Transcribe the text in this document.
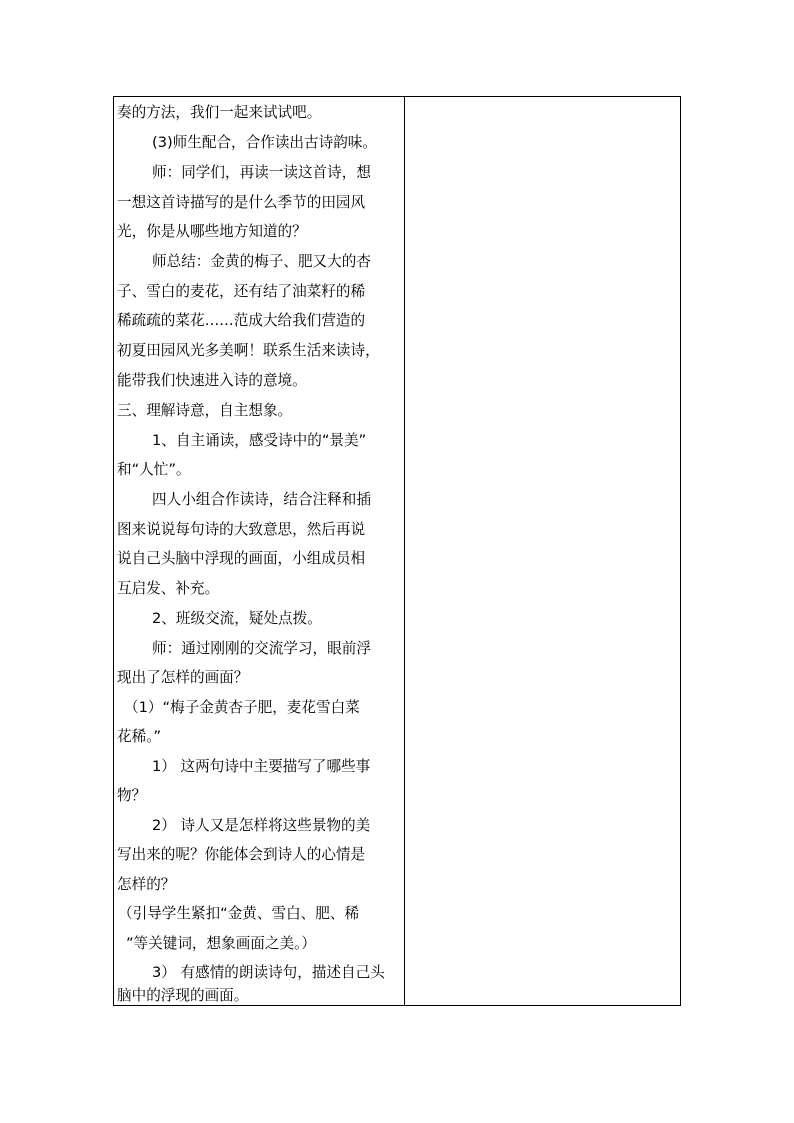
奏的方法，我们一起来试试吧。
(3)师生配合，合作读出古诗韵味。
师：同学们，再读一读这首诗，想
一想这首诗描写的是什么季节的田园风
光，你是从哪些地方知道的？
师总结：金黄的梅子、肥又大的杏
子、雪白的麦花，还有结了油菜籽的稀
稀疏疏的菜花……范成大给我们营造的
初夏田园风光多美啊！联系生活来读诗，
能带我们快速进入诗的意境。
三、理解诗意，自主想象。
1、自主诵读，感受诗中的“景美”
和“人忙”。
四人小组合作读诗，结合注释和插
图来说说每句诗的大致意思，然后再说
说自己头脑中浮现的画面，小组成员相
互启发、补充。
2、班级交流，疑处点拨。
师：通过刚刚的交流学习，眼前浮
现出了怎样的画面？
（1）“梅子金黄杏子肥，麦花雪白菜
花稀。”
1） 这两句诗中主要描写了哪些事
物？
2） 诗人又是怎样将这些景物的美
写出来的呢？你能体会到诗人的心情是
怎样的？
（引导学生紧扣“金黄、雪白、肥、稀
”等关键词，想象画面之美。）
3） 有感情的朗读诗句，描述自己头
脑中的浮现的画面。
